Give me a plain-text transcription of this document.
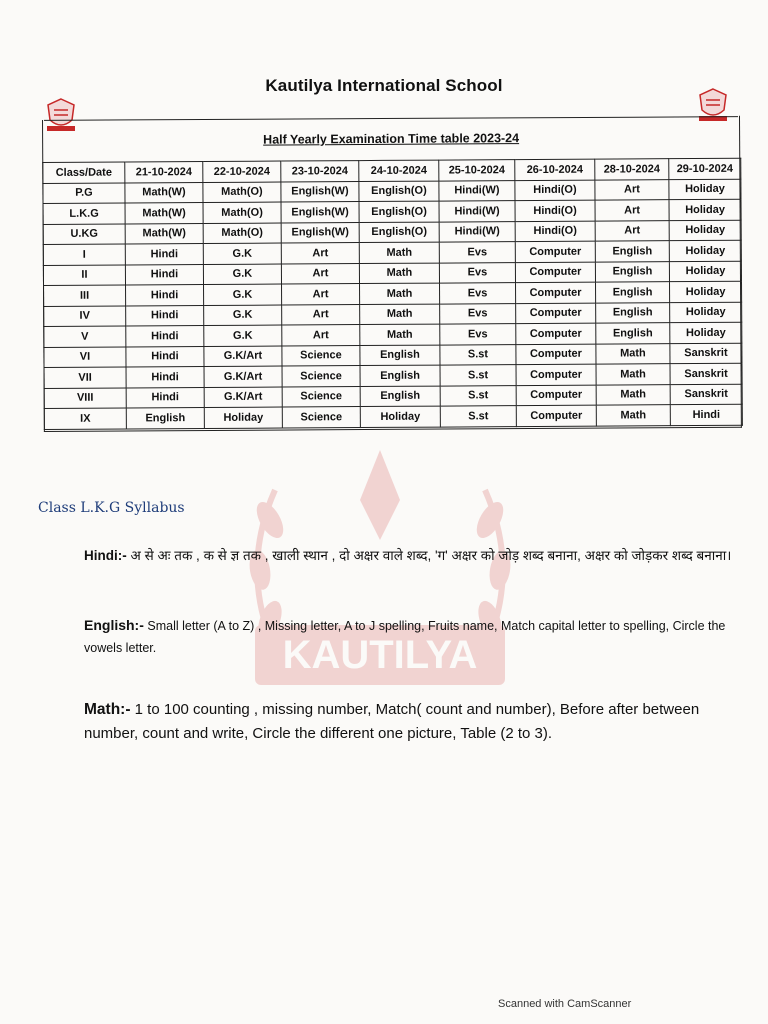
KAUTILYA
Kautilya International School
Half Yearly Examination Time table 2023-24
Class/Date	21-10-2024	22-10-2024	23-10-2024	24-10-2024	25-10-2024	26-10-2024	28-10-2024	29-10-2024
P.G	Math(W)	Math(O)	English(W)	English(O)	Hindi(W)	Hindi(O)	Art	Holiday
L.K.G	Math(W)	Math(O)	English(W)	English(O)	Hindi(W)	Hindi(O)	Art	Holiday
U.KG	Math(W)	Math(O)	English(W)	English(O)	Hindi(W)	Hindi(O)	Art	Holiday
I	Hindi	G.K	Art	Math	Evs	Computer	English	Holiday
II	Hindi	G.K	Art	Math	Evs	Computer	English	Holiday
III	Hindi	G.K	Art	Math	Evs	Computer	English	Holiday
IV	Hindi	G.K	Art	Math	Evs	Computer	English	Holiday
V	Hindi	G.K	Art	Math	Evs	Computer	English	Holiday
VI	Hindi	G.K/Art	Science	English	S.st	Computer	Math	Sanskrit
VII	Hindi	G.K/Art	Science	English	S.st	Computer	Math	Sanskrit
VIII	Hindi	G.K/Art	Science	English	S.st	Computer	Math	Sanskrit
IX	English	Holiday	Science	Holiday	S.st	Computer	Math	Hindi
Class L.K.G Syllabus
Hindi:- अ से अः तक , क से ज्ञ तक , खाली स्थान , दो अक्षर वाले शब्द, 'ग' अक्षर को जोड़ शब्द बनाना, अक्षर को जोड़कर शब्द बनाना।
English:- Small letter (A to Z) , Missing letter, A to J spelling, Fruits name, Match capital letter to spelling, Circle the vowels letter.
Math:- 1 to 100 counting , missing number, Match( count and number), Before after between number, count and write, Circle the different one picture, Table (2 to 3).
Scanned with CamScanner
